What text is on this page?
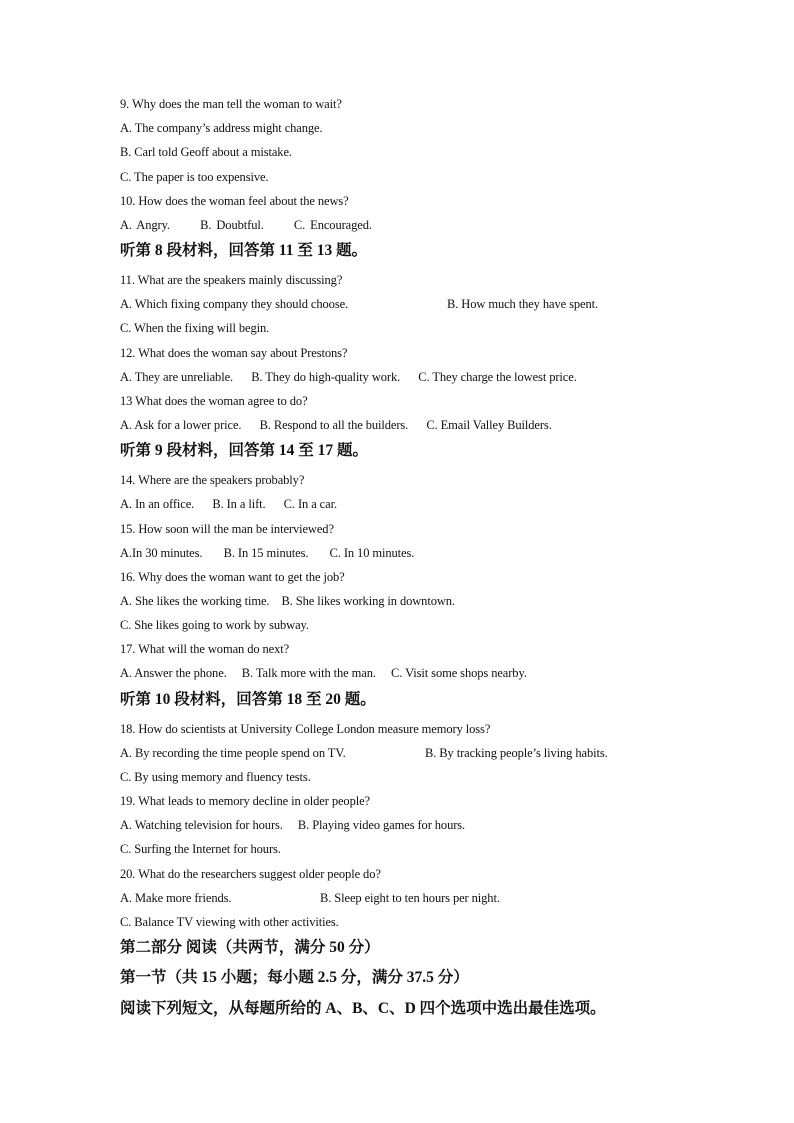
9. Why does the man tell the woman to wait?
A. The company’s address might change.
B. Carl told Geoff about a mistake.
C. The paper is too expensive.
10. How does the woman feel about the news?
A. Angry.      B. Doubtful.      C. Encouraged.
听第 8 段材料，回答第 11 至 13 题。
11. What are the speakers mainly discussing?
A. Which fixing company they should choose.	B. How much they have spent.
C. When the fixing will begin.
12. What does the woman say about Prestons?
A. They are unreliable.      B. They do high-quality work.      C. They charge the lowest price.
13 What does the woman agree to do?
A. Ask for a lower price.      B. Respond to all the builders.      C. Email Valley Builders.
听第 9 段材料，回答第 14 至 17 题。
14. Where are the speakers probably?
A. In an office.      B. In a lift.      C. In a car.
15. How soon will the man be interviewed?
A.In 30 minutes.       B. In 15 minutes.       C. In 10 minutes.
16. Why does the woman want to get the job?
A. She likes the working time.    B. She likes working in downtown.
C. She likes going to work by subway.
17. What will the woman do next?
A. Answer the phone.     B. Talk more with the man.     C. Visit some shops nearby.
听第 10 段材料，回答第 18 至 20 题。
18. How do scientists at University College London measure memory loss?
A. By recording the time people spend on TV.	B. By tracking people’s living habits.
C. By using memory and fluency tests.
19. What leads to memory decline in older people?
A. Watching television for hours.     B. Playing video games for hours.
C. Surfing the Internet for hours.
20. What do the researchers suggest older people do?
A. Make more friends.	B. Sleep eight to ten hours per night.
C. Balance TV viewing with other activities.
第二部分 阅读（共两节，满分 50 分）
第一节（共 15 小题；每小题 2.5 分，满分 37.5 分）
阅读下列短文，从每题所给的 A、B、C、D 四个选项中选出最佳选项。
